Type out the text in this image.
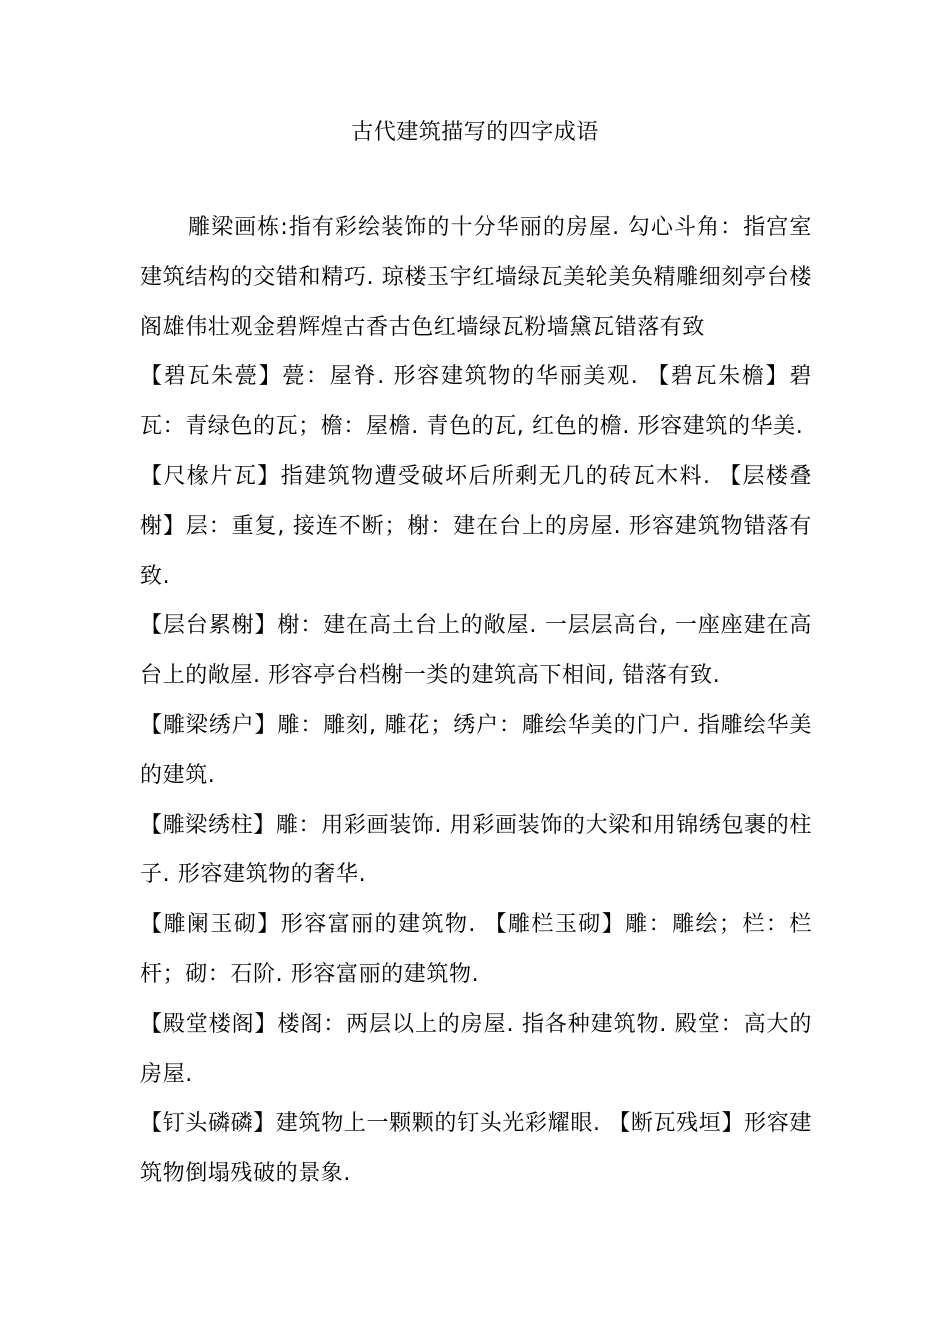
古代建筑描写的四字成语

雕梁画栋:指有彩绘装饰的十分华丽的房屋. 勾心斗角：指宫室建筑结构的交错和精巧. 琼楼玉宇红墙绿瓦美轮美奂精雕细刻亭台楼阁雄伟壮观金碧辉煌古香古色红墙绿瓦粉墙黛瓦错落有致

【碧瓦朱甍】甍：屋脊. 形容建筑物的华丽美观. 【碧瓦朱檐】碧瓦：青绿色的瓦；檐：屋檐. 青色的瓦, 红色的檐. 形容建筑的华美.

【尺椽片瓦】指建筑物遭受破坏后所剩无几的砖瓦木料. 【层楼叠榭】层：重复, 接连不断；榭：建在台上的房屋. 形容建筑物错落有致.

【层台累榭】榭：建在高土台上的敞屋. 一层层高台, 一座座建在高台上的敞屋. 形容亭台档榭一类的建筑高下相间, 错落有致.

【雕梁绣户】雕：雕刻, 雕花；绣户：雕绘华美的门户. 指雕绘华美的建筑.

【雕梁绣柱】雕：用彩画装饰. 用彩画装饰的大梁和用锦绣包裹的柱子. 形容建筑物的奢华.

【雕阑玉砌】形容富丽的建筑物. 【雕栏玉砌】雕：雕绘；栏：栏杆；砌：石阶. 形容富丽的建筑物.

【殿堂楼阁】楼阁：两层以上的房屋. 指各种建筑物. 殿堂：高大的房屋.

【钉头磷磷】建筑物上一颗颗的钉头光彩耀眼. 【断瓦残垣】形容建筑物倒塌残破的景象.
